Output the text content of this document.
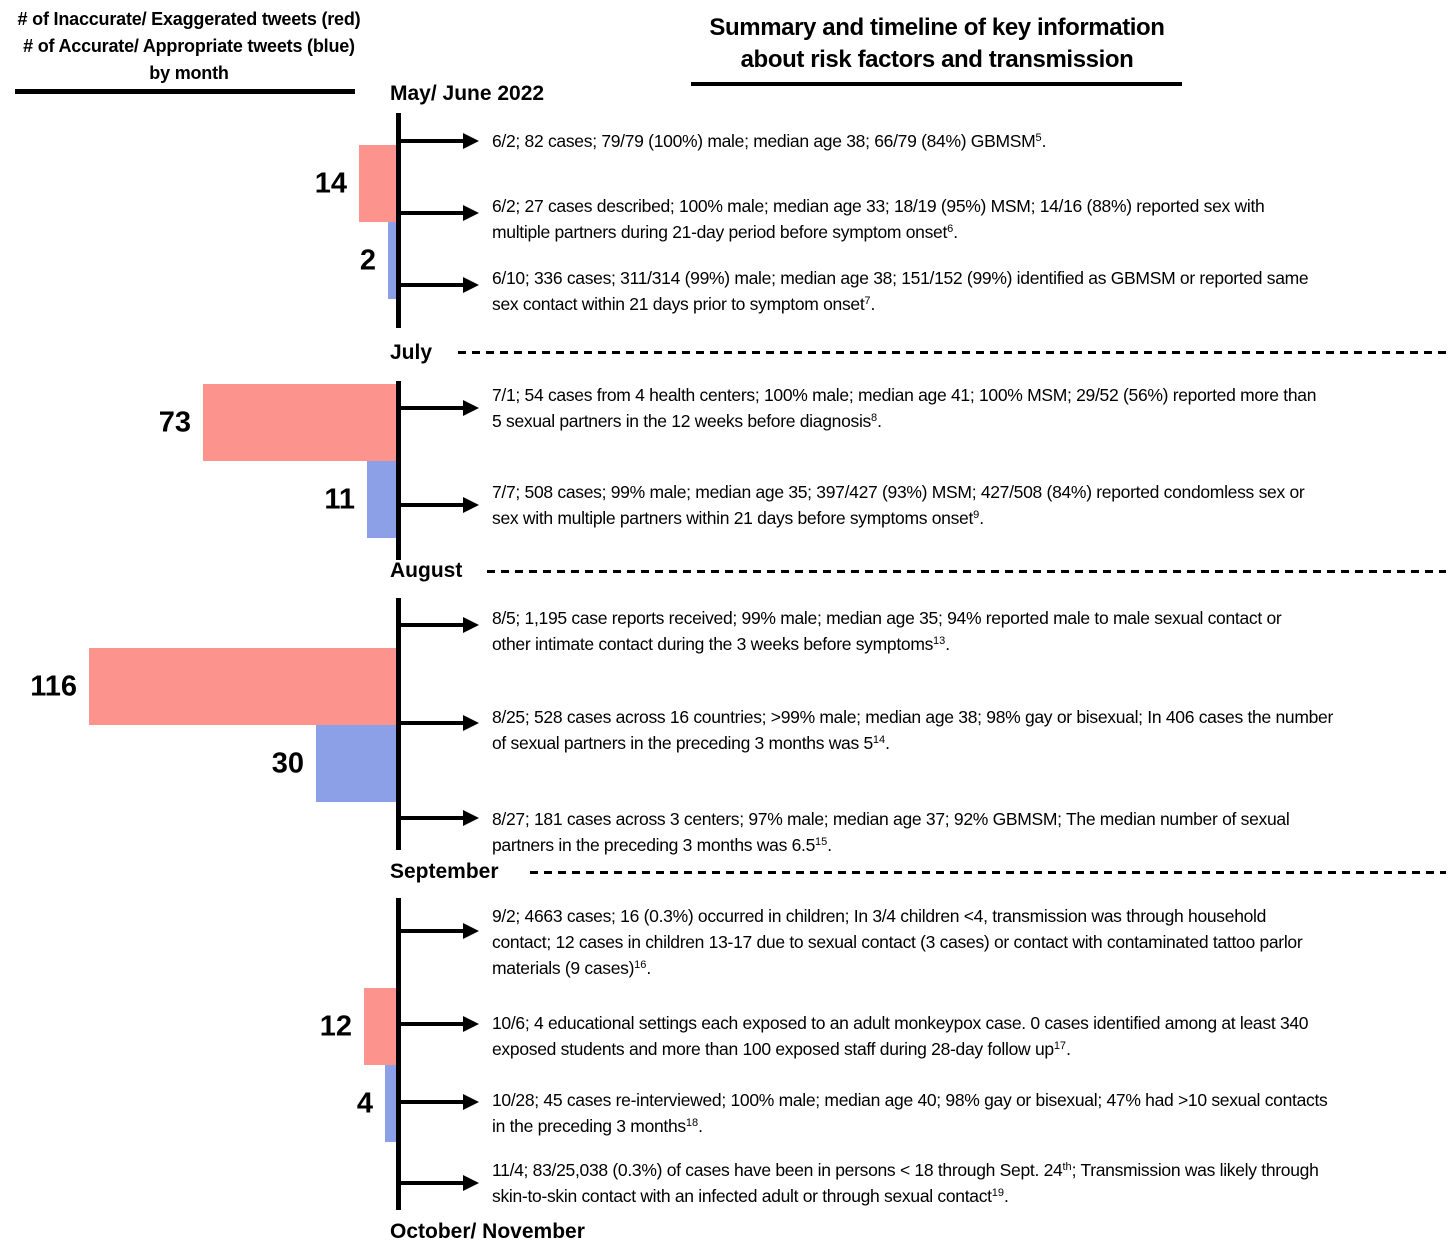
# of Inaccurate/ Exaggerated tweets (red)
# of Accurate/ Appropriate tweets (blue)
by month
Summary and timeline of key information
about risk factors and transmission
May/ June 2022
14
2
6/2; 82 cases; 79/79 (100%) male; median age 38; 66/79 (84%) GBMSM$^5$.
6/2; 27 cases described; 100% male; median age 33; 18/19 (95%) MSM; 14/16 (88%) reported sex with
multiple partners during 21-day period before symptom onset$^6$.
6/10; 336 cases; 311/314 (99%) male; median age 38; 151/152 (99%) identified as GBMSM or reported same
sex contact within 21 days prior to symptom onset$^7$.
July
73
11
7/1; 54 cases from 4 health centers; 100% male; median age 41; 100% MSM; 29/52 (56%) reported more than
5 sexual partners in the 12 weeks before diagnosis$^8$.
7/7; 508 cases; 99% male; median age 35; 397/427 (93%) MSM; 427/508 (84%) reported condomless sex or
sex with multiple partners within 21 days before symptoms onset$^9$.
August
116
30
8/5; 1,195 case reports received; 99% male; median age 35; 94% reported male to male sexual contact or
other intimate contact during the 3 weeks before symptoms$^{13}$.
8/25; 528 cases across 16 countries; >99% male; median age 38; 98% gay or bisexual; In 406 cases the number
of sexual partners in the preceding 3 months was $5^{14}$.
8/27; 181 cases across 3 centers; 97% male; median age 37; 92% GBMSM; The median number of sexual
partners in the preceding 3 months was $6.5^{15}$.
September
12
4
9/2; 4663 cases; 16 (0.3%) occurred in children; In 3/4 children <4, transmission was through household
contact; 12 cases in children 13-17 due to sexual contact (3 cases) or contact with contaminated tattoo parlor
materials (9 cases)$^{16}$.
10/6; 4 educational settings each exposed to an adult monkeypox case. 0 cases identified among at least 340
exposed students and more than 100 exposed staff during 28-day follow $up^{17}$.
10/28; 45 cases re-interviewed; 100% male; median age 40; 98% gay or bisexual; 47% had >10 sexual contacts
in the preceding 3 months$^{18}$.
11/4; 83/25,038 (0.3%) of cases have been in persons < 18 through Sept. 24th; Transmission was likely through
skin-to-skin contact with an infected adult or through sexual contact$^{19}$.
October/ November
